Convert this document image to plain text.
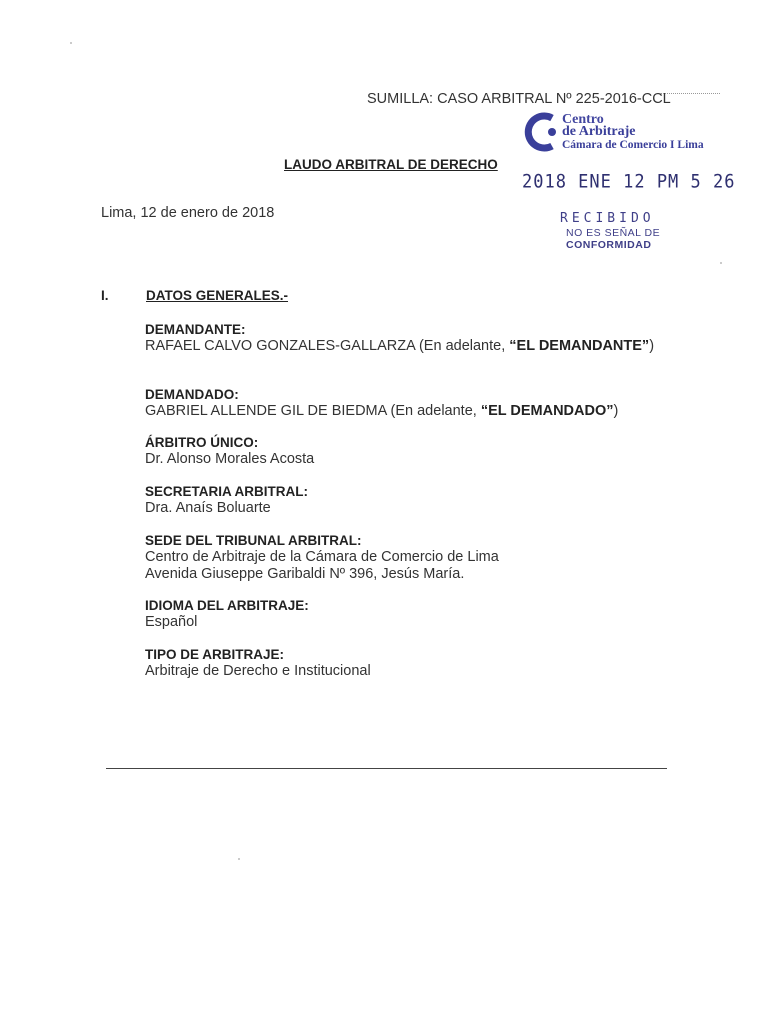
SUMILLA: CASO ARBITRAL Nº 225-2016-CCL
Centro
de Arbitraje
Cámara de Comercio I Lima
2018 ENE 12 PM 5 26
RECIBIDO
NO ES SEÑAL DE
CONFORMIDAD
LAUDO ARBITRAL DE DERECHO
Lima, 12 de enero de 2018
I.	DATOS GENERALES.-
DEMANDANTE:
RAFAEL CALVO GONZALES-GALLARZA (En adelante, “EL DEMANDANTE”)
DEMANDADO:
GABRIEL ALLENDE GIL DE BIEDMA (En adelante, “EL DEMANDADO”)
ÁRBITRO ÚNICO:
Dr. Alonso Morales Acosta
SECRETARIA ARBITRAL:
Dra. Anaís Boluarte
SEDE DEL TRIBUNAL ARBITRAL:
Centro de Arbitraje de la Cámara de Comercio de Lima
Avenida Giuseppe Garibaldi Nº 396, Jesús María.
IDIOMA DEL ARBITRAJE:
Español
TIPO DE ARBITRAJE:
Arbitraje de Derecho e Institucional
